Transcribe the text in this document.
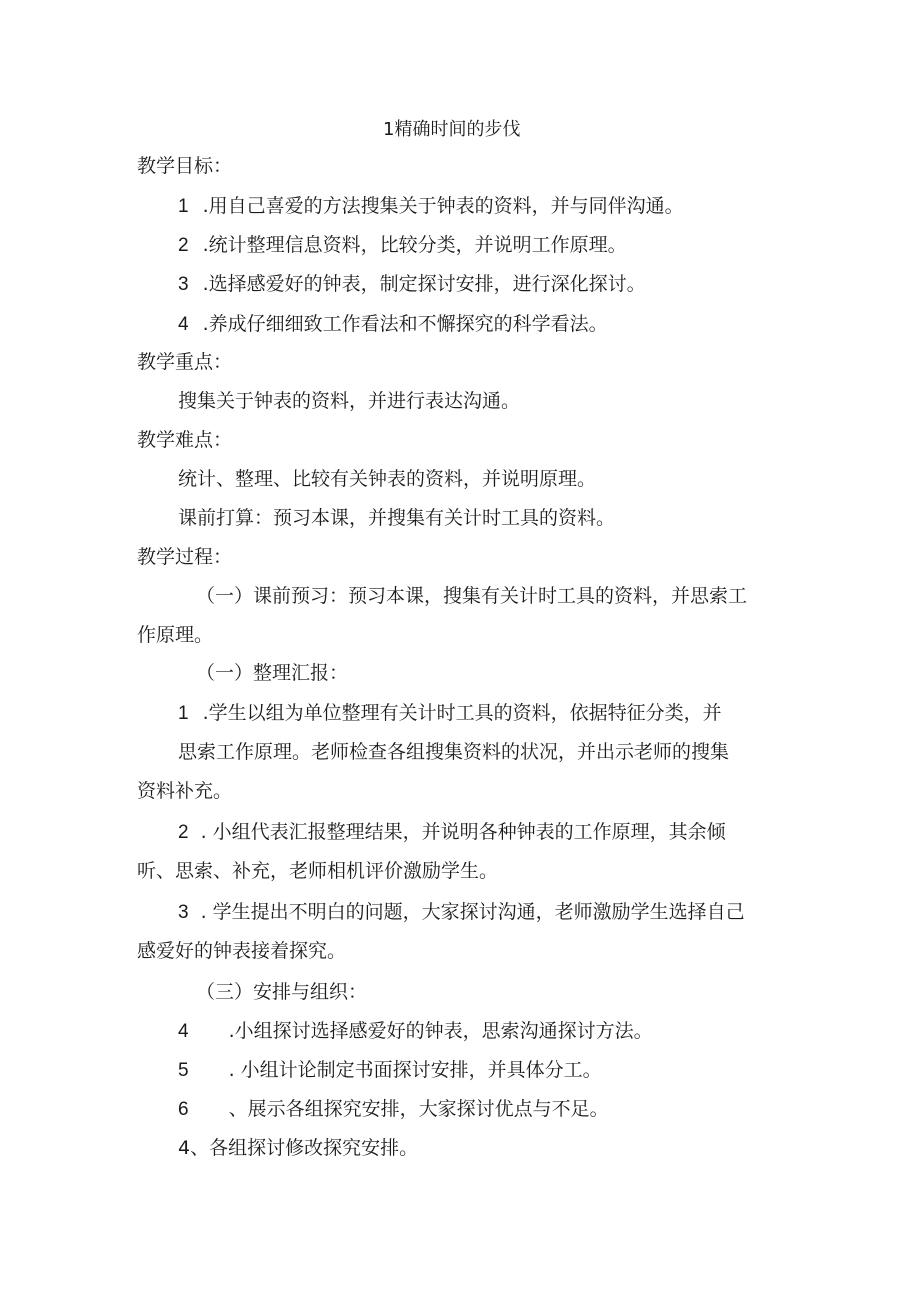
1精确时间的步伐
教学目标：
1 .用自己喜爱的方法搜集关于钟表的资料，并与同伴沟通。
2 .统计整理信息资料，比较分类，并说明工作原理。
3 .选择感爱好的钟表，制定探讨安排，进行深化探讨。
4 .养成仔细细致工作看法和不懈探究的科学看法。
教学重点：
搜集关于钟表的资料，并进行表达沟通。
教学难点：
统计、整理、比较有关钟表的资料，并说明原理。
课前打算：预习本课，并搜集有关计时工具的资料。
教学过程：
（一）课前预习：预习本课，搜集有关计时工具的资料，并思索工
作原理。
（一）整理汇报：
1 .学生以组为单位整理有关计时工具的资料，依据特征分类，并
思索工作原理。老师检查各组搜集资料的状况，并出示老师的搜集
资料补充。
2 . 小组代表汇报整理结果，并说明各种钟表的工作原理，其余倾
听、思索、补充，老师相机评价激励学生。
3 . 学生提出不明白的问题，大家探讨沟通，老师激励学生选择自己
感爱好的钟表接着探究。
（三）安排与组织：
4 .小组探讨选择感爱好的钟表，思索沟通探讨方法。
5 . 小组计论制定书面探讨安排，并具体分工。
6 、展示各组探究安排，大家探讨优点与不足。
4、各组探讨修改探究安排。
